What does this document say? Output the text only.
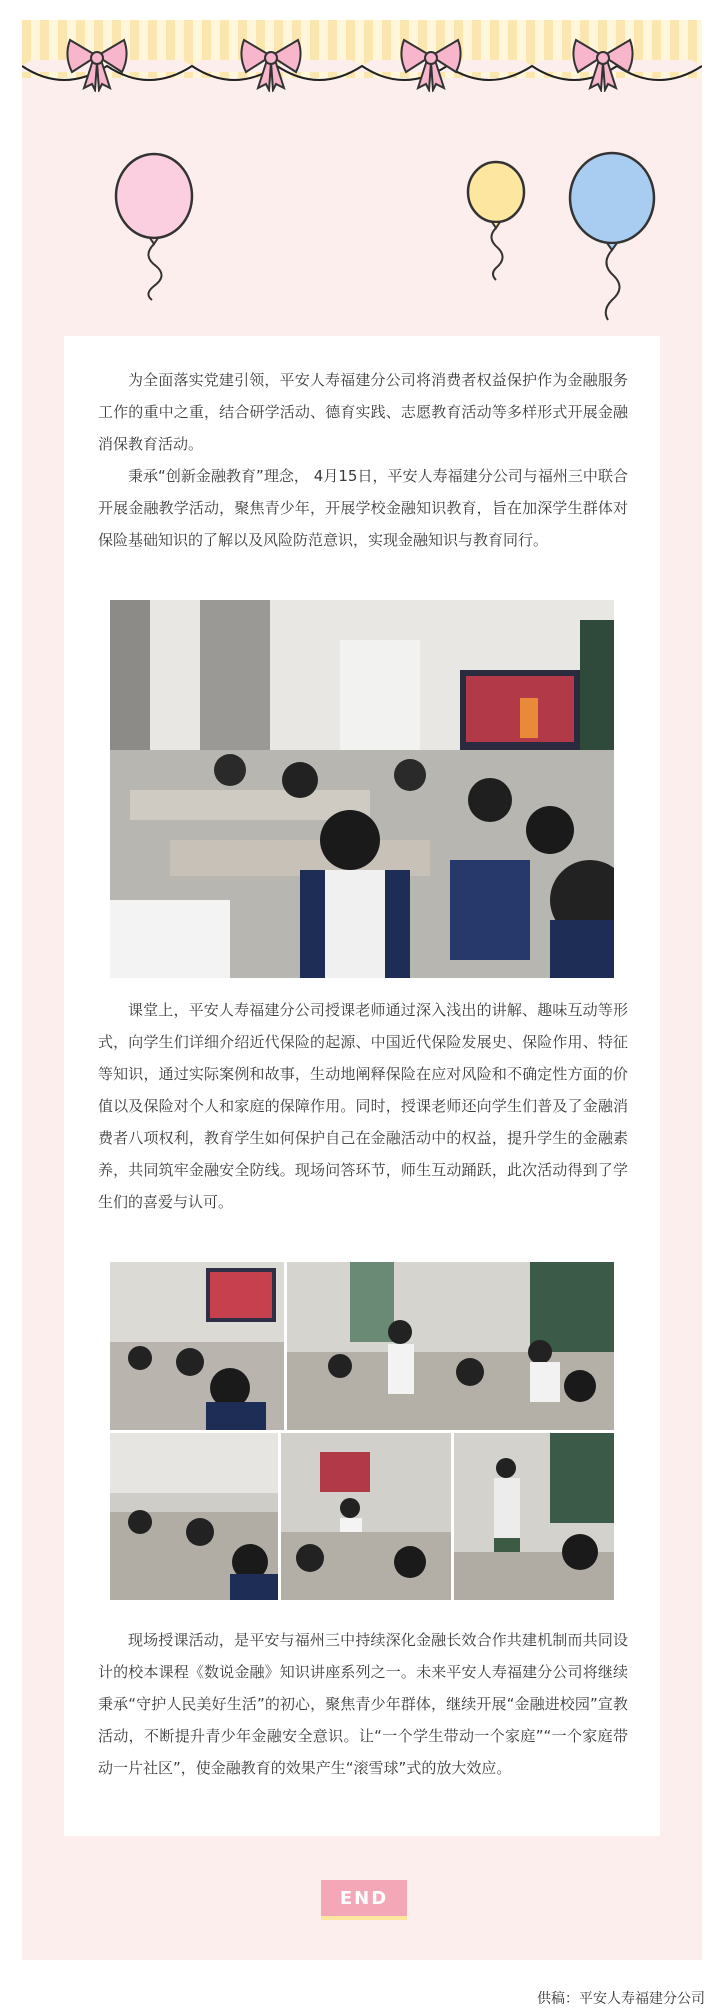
为全面落实党建引领，平安人寿福建分公司将消费者权益保护作为金融服务工作的重中之重，结合研学活动、德育实践、志愿教育活动等多样形式开展金融消保教育活动。

秉承“创新金融教育”理念， 4月15日，平安人寿福建分公司与福州三中联合开展金融教学活动，聚焦青少年，开展学校金融知识教育，旨在加深学生群体对保险基础知识的了解以及风险防范意识，实现金融知识与教育同行。

课堂上，平安人寿福建分公司授课老师通过深入浅出的讲解、趣味互动等形式，向学生们详细介绍近代保险的起源、中国近代保险发展史、保险作用、特征等知识，通过实际案例和故事，生动地阐释保险在应对风险和不确定性方面的价值以及保险对个人和家庭的保障作用。同时，授课老师还向学生们普及了金融消费者八项权利，教育学生如何保护自己在金融活动中的权益，提升学生的金融素养，共同筑牢金融安全防线。现场问答环节，师生互动踊跃，此次活动得到了学生们的喜爱与认可。

现场授课活动，是平安与福州三中持续深化金融长效合作共建机制而共同设计的校本课程《数说金融》知识讲座系列之一。未来平安人寿福建分公司将继续秉承“守护人民美好生活”的初心，聚焦青少年群体，继续开展“金融进校园”宣教活动，不断提升青少年金融安全意识。让“一个学生带动一个家庭”“一个家庭带动一片社区”，使金融教育的效果产生“滚雪球”式的放大效应。

END
供稿：平安人寿福建分公司
